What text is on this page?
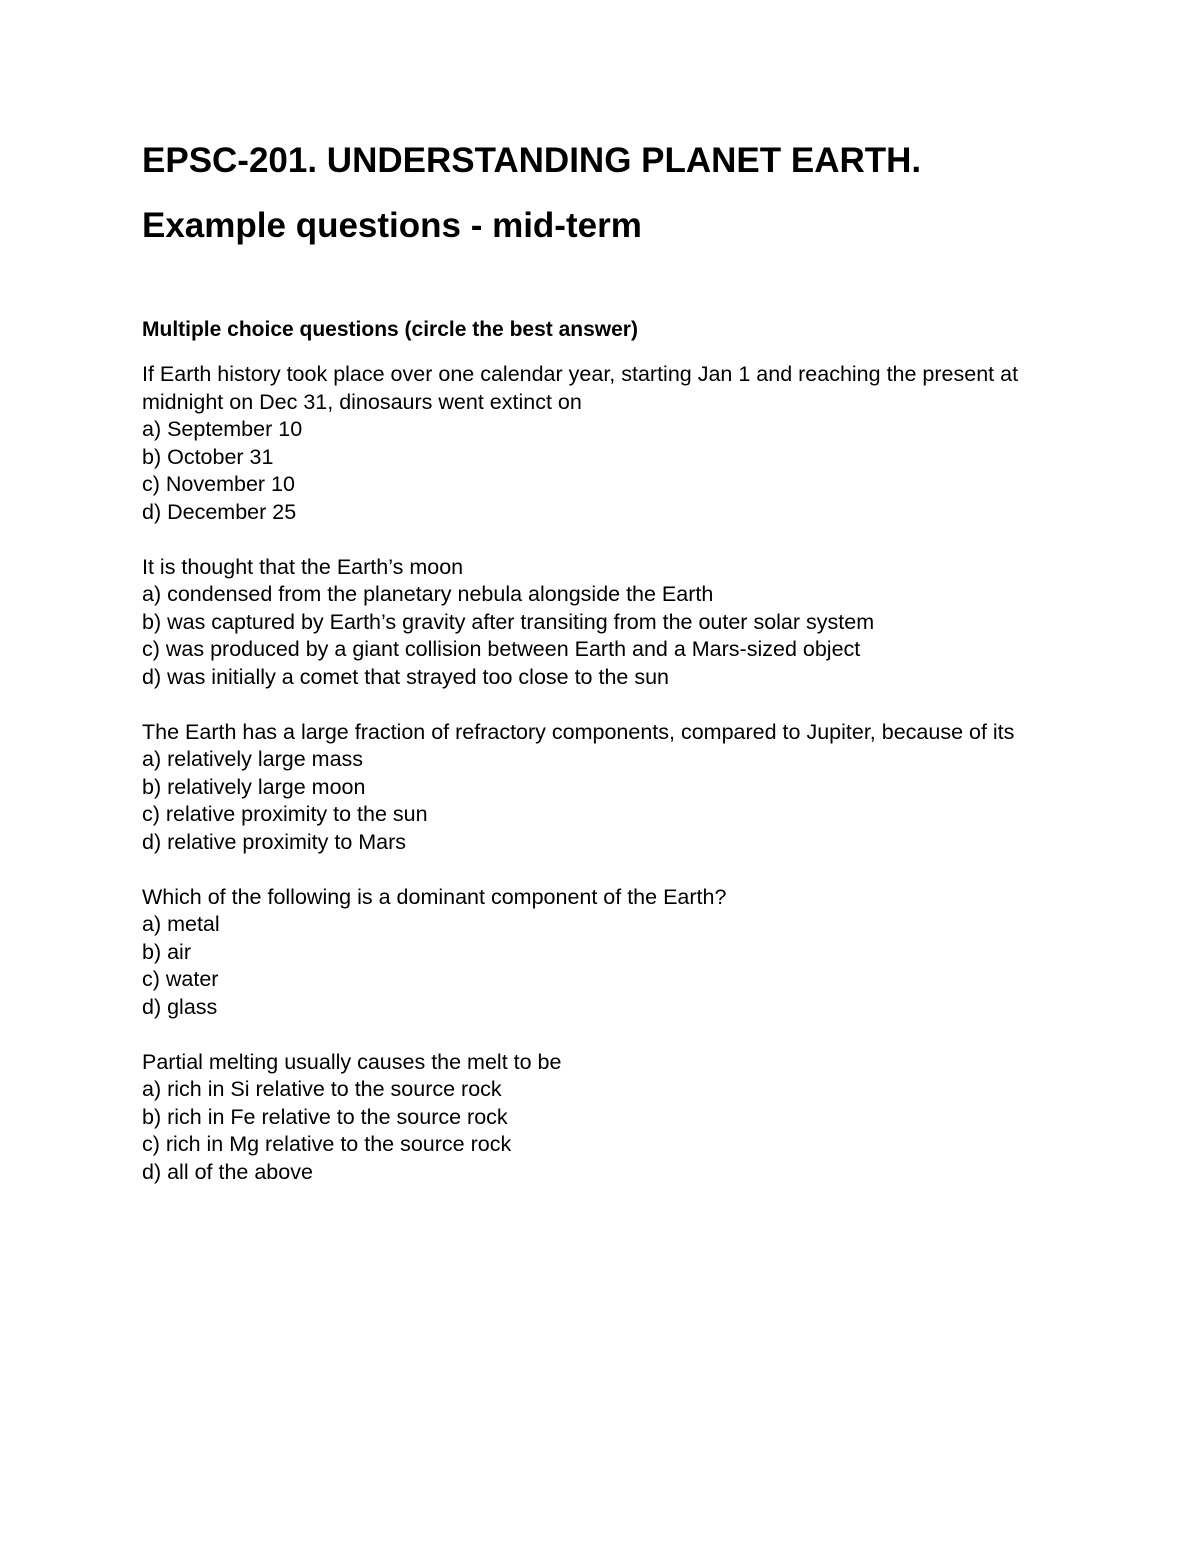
EPSC-201. UNDERSTANDING PLANET EARTH.
Example questions - mid-term
Multiple choice questions (circle the best answer)

If Earth history took place over one calendar year, starting Jan 1 and reaching the present at midnight on Dec 31, dinosaurs went extinct on

a) September 10

b) October 31

c) November 10

d) December 25

It is thought that the Earth’s moon

a) condensed from the planetary nebula alongside the Earth

b) was captured by Earth’s gravity after transiting from the outer solar system

c) was produced by a giant collision between Earth and a Mars-sized object

d) was initially a comet that strayed too close to the sun

The Earth has a large fraction of refractory components, compared to Jupiter, because of its

a) relatively large mass

b) relatively large moon

c) relative proximity to the sun

d) relative proximity to Mars

Which of the following is a dominant component of the Earth?

a) metal

b) air

c) water

d) glass

Partial melting usually causes the melt to be

a) rich in Si relative to the source rock

b) rich in Fe relative to the source rock

c) rich in Mg relative to the source rock

d) all of the above
